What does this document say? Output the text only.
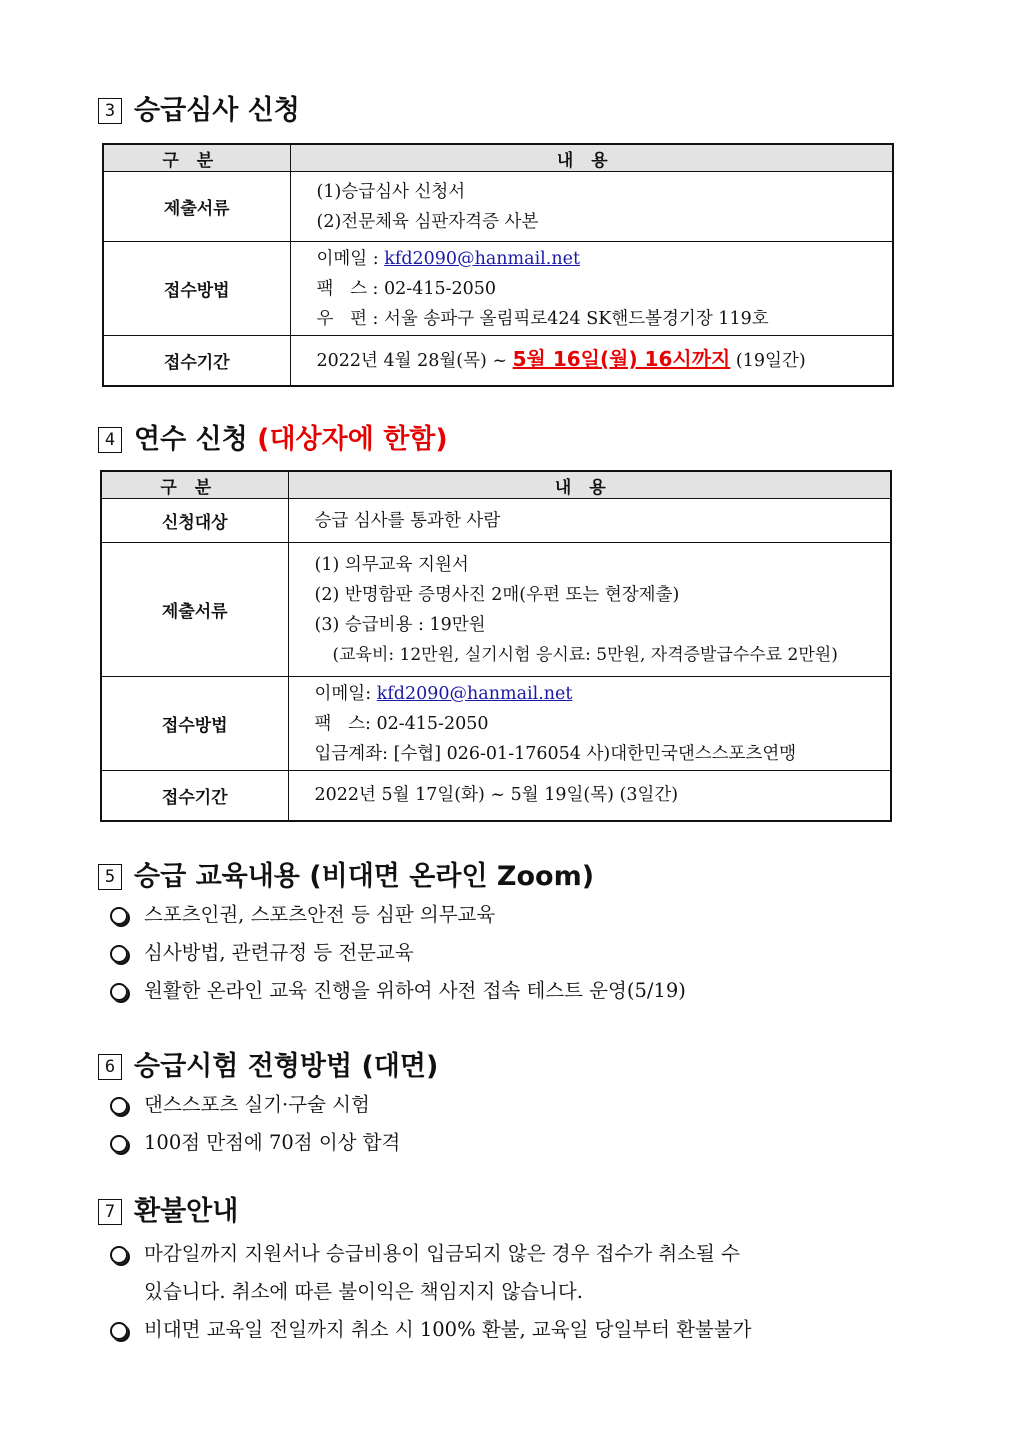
3 승급심사 신청
구분	내용
제출서류	(1)승급심사 신청서
(2)전문체육 심판자격증 사본

접수방법	이메일 : kfd2090@hanmail.net
팩   스 : 02-415-2050
우   편 : 서울 송파구 올림픽로424 SK핸드볼경기장 119호

접수기간	2022년 4월 28월(목) ~ 5월 16일(월) 16시까지 (19일간)
4 연수 신청 (대상자에 한함)
구분	내용
신청대상	승급 심사를 통과한 사람

제출서류	(1) 의무교육 지원서
(2) 반명함판 증명사진 2매(우편 또는 현장제출)
(3) 승급비용 : 19만원
(교육비: 12만원, 실기시험 응시료: 5만원, 자격증발급수수료 2만원)

접수방법	이메일: kfd2090@hanmail.net
팩   스: 02-415-2050
입금계좌: [수협] 026-01-176054 사)대한민국댄스스포츠연맹

접수기간	2022년 5월 17일(화) ~ 5월 19일(목) (3일간)
5 승급 교육내용 (비대면 온라인 Zoom)
스포츠인권, 스포츠안전 등 심판 의무교육
심사방법, 관련규정 등 전문교육
원활한 온라인 교육 진행을 위하여 사전 접속 테스트 운영(5/19)
6 승급시험 전형방법 (대면)
댄스스포츠 실기·구술 시험
100점 만점에 70점 이상 합격
7 환불안내
마감일까지 지원서나 승급비용이 입금되지 않은 경우 접수가 취소될 수
있습니다. 취소에 따른 불이익은 책임지지 않습니다.
비대면 교육일 전일까지 취소 시 100% 환불, 교육일 당일부터 환불불가
